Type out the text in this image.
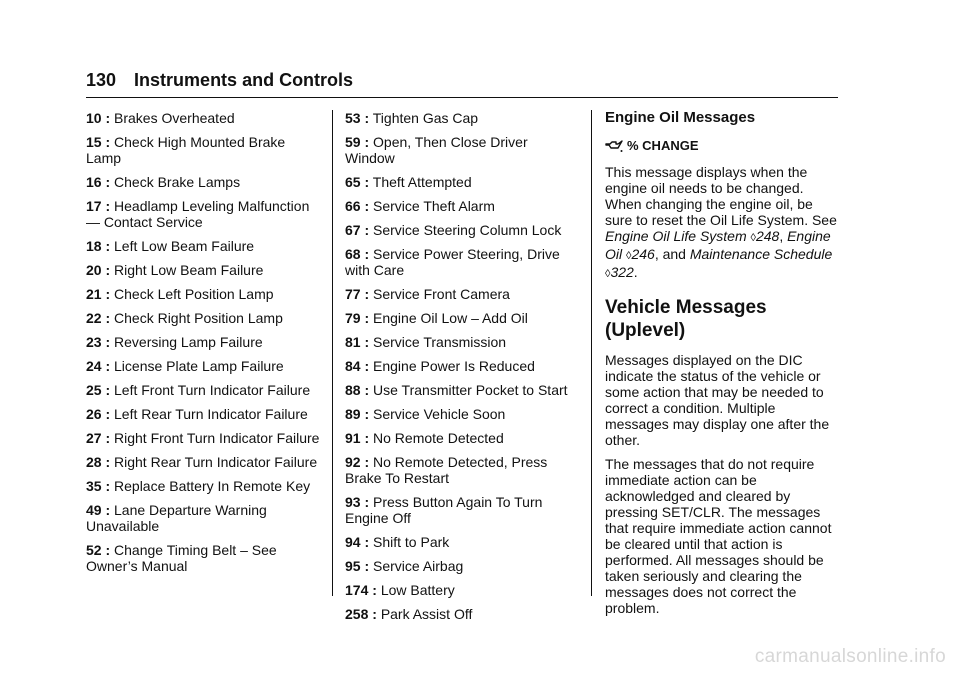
130 Instruments and Controls
10 : Brakes Overheated
15 : Check High Mounted Brake Lamp
16 : Check Brake Lamps
17 : Headlamp Leveling Malfunction — Contact Service
18 : Left Low Beam Failure
20 : Right Low Beam Failure
21 : Check Left Position Lamp
22 : Check Right Position Lamp
23 : Reversing Lamp Failure
24 : License Plate Lamp Failure
25 : Left Front Turn Indicator Failure
26 : Left Rear Turn Indicator Failure
27 : Right Front Turn Indicator Failure
28 : Right Rear Turn Indicator Failure
35 : Replace Battery In Remote Key
49 : Lane Departure Warning Unavailable
52 : Change Timing Belt – See Owner’s Manual
53 : Tighten Gas Cap
59 : Open, Then Close Driver Window
65 : Theft Attempted
66 : Service Theft Alarm
67 : Service Steering Column Lock
68 : Service Power Steering, Drive with Care
77 : Service Front Camera
79 : Engine Oil Low – Add Oil
81 : Service Transmission
84 : Engine Power Is Reduced
88 : Use Transmitter Pocket to Start
89 : Service Vehicle Soon
91 : No Remote Detected
92 : No Remote Detected, Press Brake To Restart
93 : Press Button Again To Turn Engine Off
94 : Shift to Park
95 : Service Airbag
174 : Low Battery
258 : Park Assist Off
Engine Oil Messages
% CHANGE

This message displays when the engine oil needs to be changed. When changing the engine oil, be sure to reset the Oil Life System. See Engine Oil Life System ◊248, Engine Oil ◊246, and Maintenance Schedule ◊322.

Vehicle Messages (Uplevel)

Messages displayed on the DIC indicate the status of the vehicle or some action that may be needed to correct a condition. Multiple messages may display one after the other.

The messages that do not require immediate action can be acknowledged and cleared by pressing SET/CLR. The messages that require immediate action cannot be cleared until that action is performed. All messages should be taken seriously and clearing the messages does not correct the problem.

carmanualsonline.info
